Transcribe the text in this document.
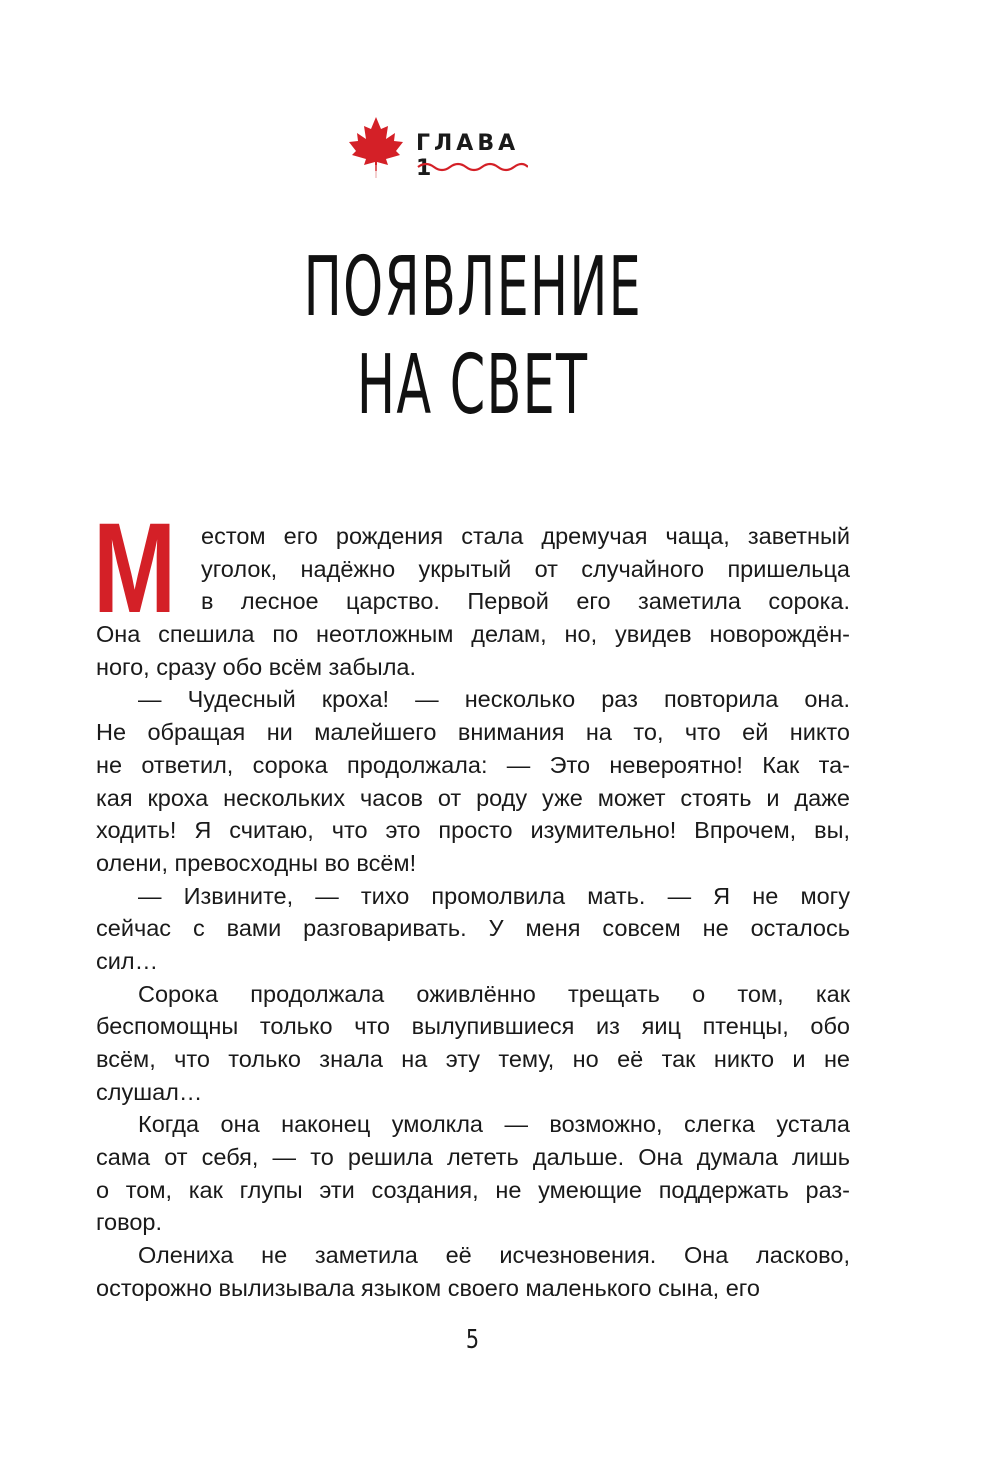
ГЛАВА 1
ПОЯВЛЕНИЕ
НА СВЕТ
М	естом его рождения стала дремучая чаща, заветный
уголок, надёжно укрытый от случайного пришельца
в лесное царство. Первой его заметила сорока.
Она спешила по неотложным делам, но, увидев новорождён-
ного, сразу обо всём забыла.
— Чудесный кроха! — несколько раз повторила она.
Не обращая ни малейшего внимания на то, что ей никто
не ответил, сорока продолжала: — Это невероятно! Как та-
кая кроха нескольких часов от роду уже может стоять и даже
ходить! Я считаю, что это просто изумительно! Впрочем, вы,
олени, превосходны во всём!
— Извините, — тихо промолвила мать. — Я не могу
сейчас с вами разговаривать. У меня совсем не осталось
сил…
Сорока продолжала оживлённо трещать о том, как
беспомощны только что вылупившиеся из яиц птенцы, обо
всём, что только знала на эту тему, но её так никто и не
слушал…
Когда она наконец умолкла — возможно, слегка устала
сама от себя, — то решила лететь дальше. Она думала лишь
о том, как глупы эти создания, не умеющие поддержать раз-
говор.
Олениха не заметила её исчезновения. Она ласково,
осторожно вылизывала языком своего маленького сына, его
5
